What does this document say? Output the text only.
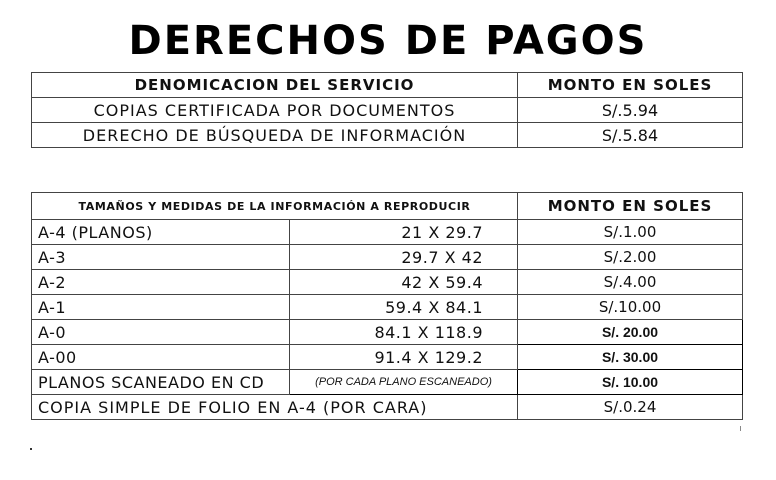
DERECHOS DE PAGOS
DENOMICACION DEL SERVICIO	MONTO EN SOLES
COPIAS CERTIFICADA POR DOCUMENTOS	S/.5.94
DERECHO DE BÚSQUEDA DE INFORMACIÓN	S/.5.84
TAMAÑOS Y MEDIDAS DE LA INFORMACIÓN A REPRODUCIR		MONTO EN SOLES
A-4 (PLANOS)	21 X 29.7	S/.1.00
A-3	29.7 X 42	S/.2.00
A-2	42 X 59.4	S/.4.00
A-1	59.4 X 84.1	S/.10.00
A-0	84.1 X 118.9	S/. 20.00
A-00	91.4 X 129.2	S/. 30.00
PLANOS SCANEADO EN CD	(POR CADA PLANO ESCANEADO)	S/. 10.00
COPIA SIMPLE DE FOLIO EN A-4 (POR CARA)		S/.0.24
